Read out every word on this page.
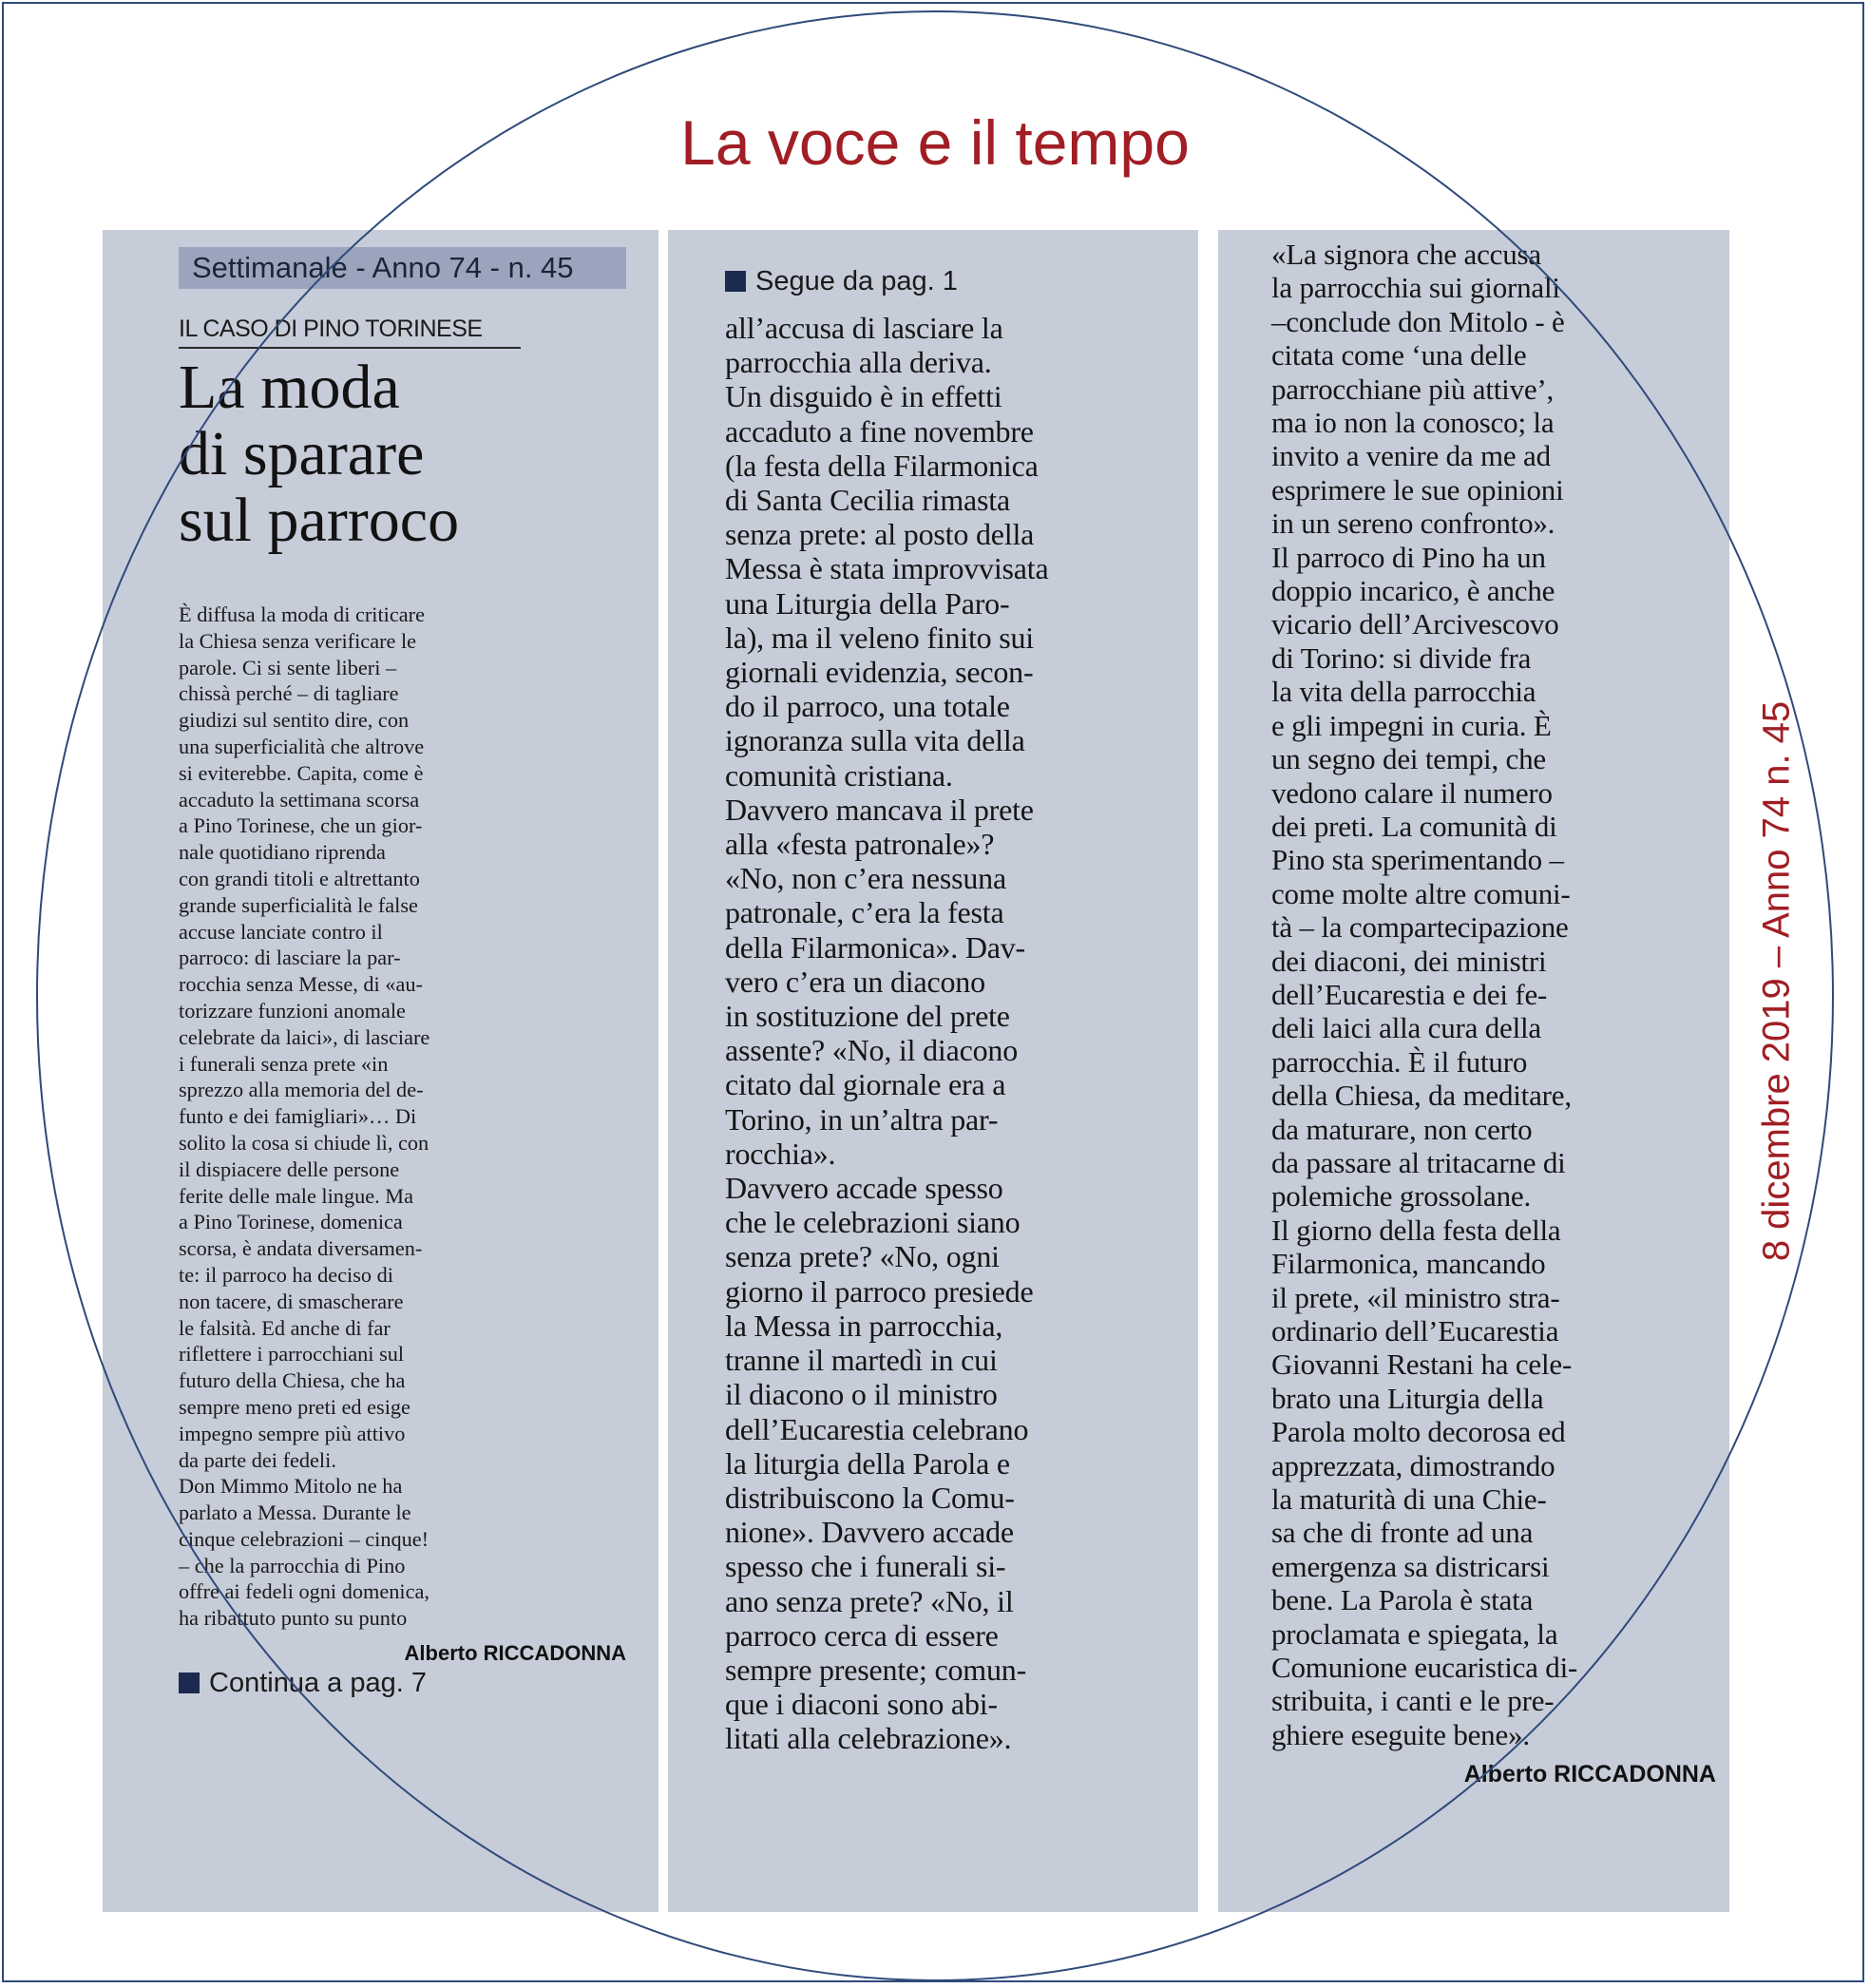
Settimanale - Anno 74 - n. 45
IL CASO DI PINO TORINESE
La moda
di sparare
sul parroco
È diffusa la moda di criticare
la Chiesa senza verificare le
parole. Ci si sente liberi –
chissà perché – di tagliare
giudizi sul sentito dire, con
una superficialità che altrove
si eviterebbe. Capita, come è
accaduto la settimana scorsa
a Pino Torinese, che un gior-
nale quotidiano riprenda
con grandi titoli e altrettanto
grande superficialità le false
accuse lanciate contro il
parroco: di lasciare la par-
rocchia senza Messe, di «au-
torizzare funzioni anomale
celebrate da laici», di lasciare
i funerali senza prete «in
sprezzo alla memoria del de-
funto e dei famigliari»… Di
solito la cosa si chiude lì, con
il dispiacere delle persone
ferite delle male lingue. Ma
a Pino Torinese, domenica
scorsa, è andata diversamen-
te: il parroco ha deciso di
non tacere, di smascherare
le falsità. Ed anche di far
riflettere i parrocchiani sul
futuro della Chiesa, che ha
sempre meno preti ed esige
impegno sempre più attivo
da parte dei fedeli.
Don Mimmo Mitolo ne ha
parlato a Messa. Durante le
cinque celebrazioni – cinque!
– che la parrocchia di Pino
offre ai fedeli ogni domenica,
ha ribattuto punto su punto
Alberto RICCADONNA
Continua a pag. 7
Segue da pag. 1
all’accusa di lasciare la
parrocchia alla deriva.
Un disguido è in effetti
accaduto a fine novembre
(la festa della Filarmonica
di Santa Cecilia rimasta
senza prete: al posto della
Messa è stata improvvisata
una Liturgia della Paro-
la), ma il veleno finito sui
giornali evidenzia, secon-
do il parroco, una totale
ignoranza sulla vita della
comunità cristiana.
Davvero mancava il prete
alla «festa patronale»?
«No, non c’era nessuna
patronale, c’era la festa
della Filarmonica». Dav-
vero c’era un diacono
in sostituzione del prete
assente? «No, il diacono
citato dal giornale era a
Torino, in un’altra par-
rocchia».
Davvero accade spesso
che le celebrazioni siano
senza prete? «No, ogni
giorno il parroco presiede
la Messa in parrocchia,
tranne il martedì in cui
il diacono o il ministro
dell’Eucarestia celebrano
la liturgia della Parola e
distribuiscono la Comu-
nione». Davvero accade
spesso che i funerali si-
ano senza prete? «No, il
parroco cerca di essere
sempre presente; comun-
que i diaconi sono abi-
litati alla celebrazione».
«La signora che accusa
la parrocchia sui giornali
–conclude don Mitolo - è
citata come ‘una delle
parrocchiane più attive’,
ma io non la conosco; la
invito a venire da me ad
esprimere le sue opinioni
in un sereno confronto».
Il parroco di Pino ha un
doppio incarico, è anche
vicario dell’Arcivescovo
di Torino: si divide fra
la vita della parrocchia
e gli impegni in curia. È
un segno dei tempi, che
vedono calare il numero
dei preti. La comunità di
Pino sta sperimentando –
come molte altre comuni-
tà – la compartecipazione
dei diaconi, dei ministri
dell’Eucarestia e dei fe-
deli laici alla cura della
parrocchia. È il futuro
della Chiesa, da meditare,
da maturare, non certo
da passare al tritacarne di
polemiche grossolane.
Il giorno della festa della
Filarmonica, mancando
il prete, «il ministro stra-
ordinario dell’Eucarestia
Giovanni Restani ha cele-
brato una Liturgia della
Parola molto decorosa ed
apprezzata, dimostrando
la maturità di una Chie-
sa che di fronte ad una
emergenza sa districarsi
bene. La Parola è stata
proclamata e spiegata, la
Comunione eucaristica di-
stribuita, i canti e le pre-
ghiere eseguite bene».
Alberto RICCADONNA
La voce e il tempo
8 dicembre 2019 – Anno 74 n. 45
